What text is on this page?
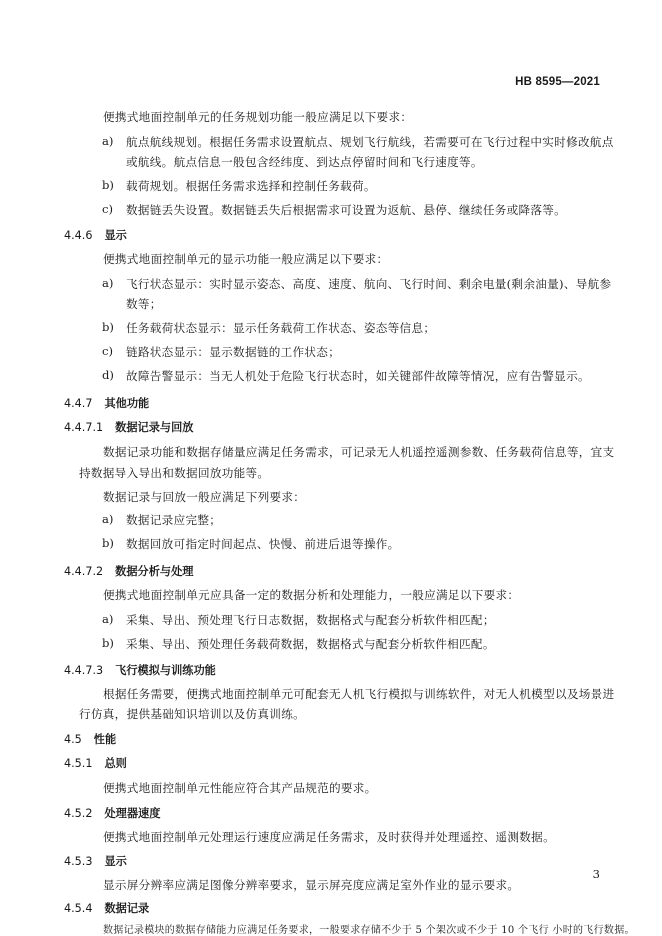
HB 8595—2021
便携式地面控制单元的任务规划功能一般应满足以下要求：
a) 航点航线规划。根据任务需求设置航点、规划飞行航线，若需要可在飞行过程中实时修改航点
或航线。航点信息一般包含经纬度、到达点停留时间和飞行速度等。
b) 载荷规划。根据任务需求选择和控制任务载荷。
c) 数据链丢失设置。数据链丢失后根据需求可设置为返航、悬停、继续任务或降落等。
4.4.6 显示
便携式地面控制单元的显示功能一般应满足以下要求：
a) 飞行状态显示：实时显示姿态、高度、速度、航向、飞行时间、剩余电量(剩余油量)、导航参
数等；
b) 任务载荷状态显示：显示任务载荷工作状态、姿态等信息；
c) 链路状态显示：显示数据链的工作状态；
d) 故障告警显示：当无人机处于危险飞行状态时，如关键部件故障等情况，应有告警显示。
4.4.7 其他功能
4.4.7.1 数据记录与回放
数据记录功能和数据存储量应满足任务需求，可记录无人机遥控遥测参数、任务载荷信息等，宜支
持数据导入导出和数据回放功能等。
数据记录与回放一般应满足下列要求：
a) 数据记录应完整；
b) 数据回放可指定时间起点、快慢、前进后退等操作。
4.4.7.2 数据分析与处理
便携式地面控制单元应具备一定的数据分析和处理能力，一般应满足以下要求：
a) 采集、导出、预处理飞行日志数据，数据格式与配套分析软件相匹配；
b) 采集、导出、预处理任务载荷数据，数据格式与配套分析软件相匹配。
4.4.7.3 飞行模拟与训练功能
根据任务需要，便携式地面控制单元可配套无人机飞行模拟与训练软件，对无人机模型以及场景进
行仿真，提供基础知识培训以及仿真训练。
4.5 性能
4.5.1 总则
便携式地面控制单元性能应符合其产品规范的要求。
4.5.2 处理器速度
便携式地面控制单元处理运行速度应满足任务需求，及时获得并处理遥控、遥测数据。
4.5.3 显示
显示屏分辨率应满足图像分辨率要求，显示屏亮度应满足室外作业的显示要求。
4.5.4 数据记录
数据记录模块的数据存储能力应满足任务要求，一般要求存储不少于 5 个架次或不少于 10 个飞行 小时的飞行数据。
3
